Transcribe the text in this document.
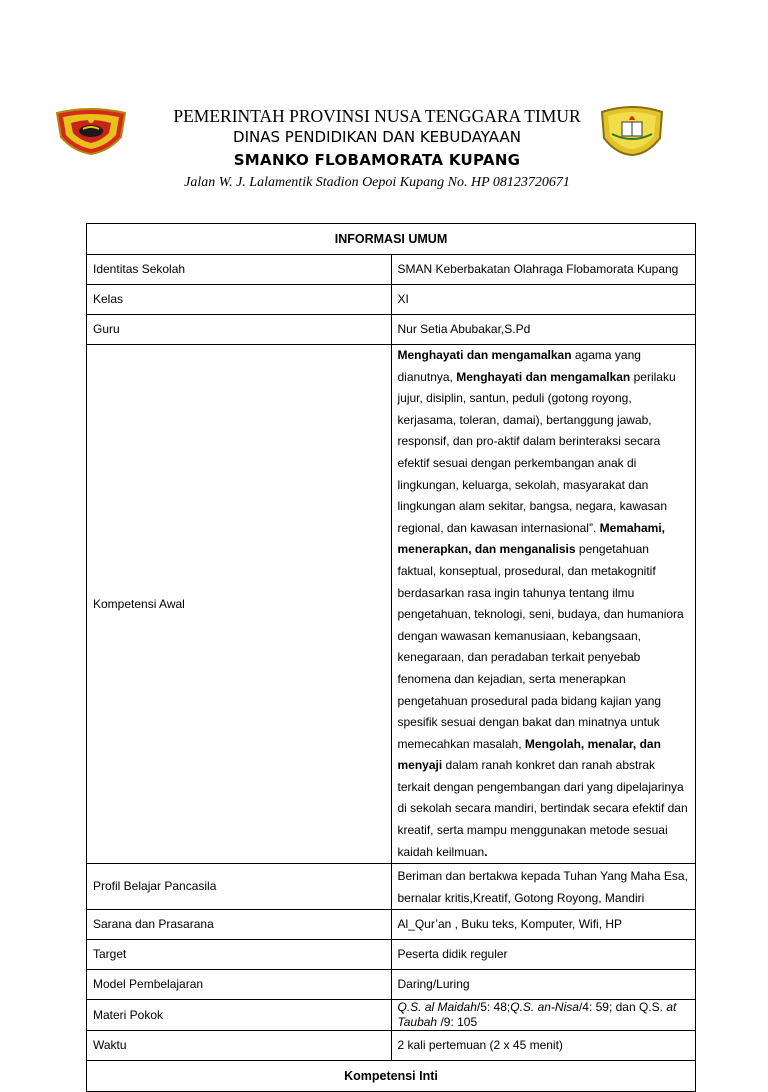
PEMERINTAH PROVINSI NUSA TENGGARA TIMUR
DINAS PENDIDIKAN DAN KEBUDAYAAN
SMANKO FLOBAMORATA KUPANG
Jalan W. J. Lalamentik Stadion Oepoi Kupang No. HP 08123720671
INFORMASI UMUM	
Identitas Sekolah	SMAN Keberbakatan Olahraga Flobamorata Kupang
Kelas	XI
Guru	Nur Setia Abubakar,S.Pd
Kompetensi Awal	Menghayati dan mengamalkan agama yang dianutnya, Menghayati dan mengamalkan perilaku jujur, disiplin, santun, peduli (gotong royong, kerjasama, toleran, damai), bertanggung jawab, responsif, dan pro-aktif dalam berinteraksi secara efektif sesuai dengan perkembangan anak di lingkungan, keluarga, sekolah, masyarakat dan lingkungan alam sekitar, bangsa, negara, kawasan regional, dan kawasan internasional”. Memahami, menerapkan, dan menganalisis pengetahuan faktual, konseptual, prosedural, dan metakognitif berdasarkan rasa ingin tahunya tentang ilmu pengetahuan, teknologi, seni, budaya, dan humaniora dengan wawasan kemanusiaan, kebangsaan, kenegaraan, dan peradaban terkait penyebab fenomena dan kejadian, serta menerapkan pengetahuan prosedural pada bidang kajian yang spesifik sesuai dengan bakat dan minatnya untuk memecahkan masalah, Mengolah, menalar, dan menyaji dalam ranah konkret dan ranah abstrak terkait dengan pengembangan dari yang dipelajarinya di sekolah secara mandiri, bertindak secara efektif dan kreatif, serta mampu menggunakan metode sesuai kaidah keilmuan.
Profil Belajar Pancasila	Beriman dan bertakwa kepada Tuhan Yang Maha Esa, bernalar kritis,Kreatif, Gotong Royong, Mandiri
Sarana dan Prasarana	Al_Qur’an , Buku teks, Komputer, Wifi, HP
Target	Peserta didik reguler
Model Pembelajaran	Daring/Luring
Materi Pokok	Q.S. al Maidah/5: 48;Q.S. an-Nisa/4: 59; dan Q.S. at Taubah /9: 105
Waktu	2 kali pertemuan (2 x 45 menit)
Kompetensi Inti	
